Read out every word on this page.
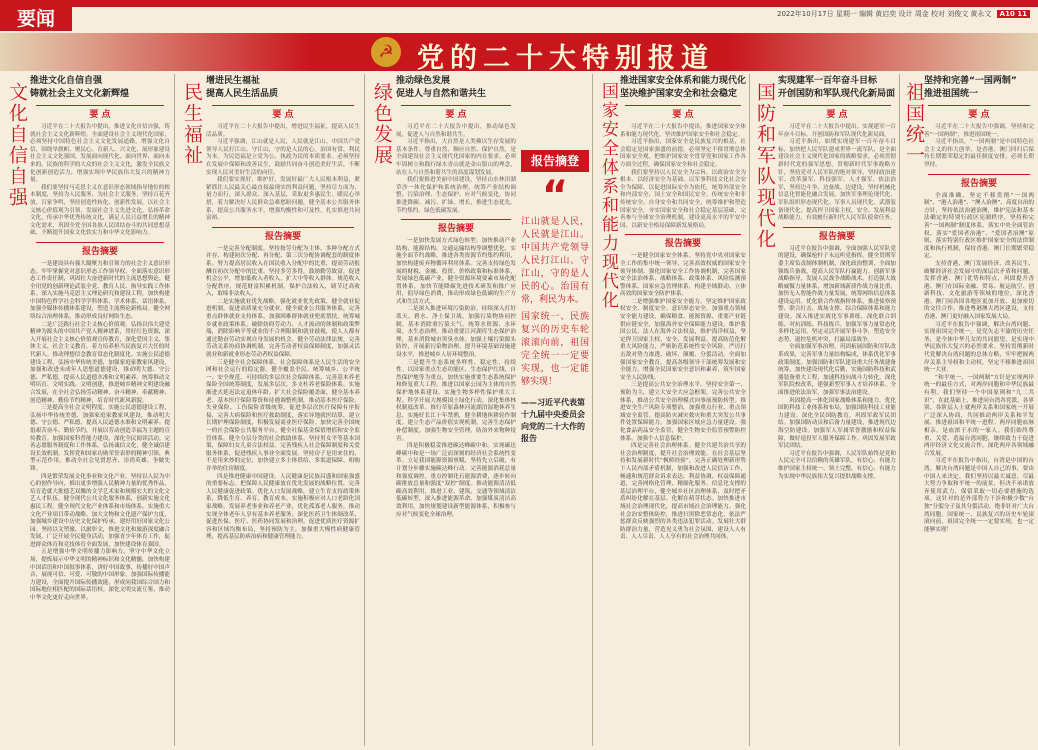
要闻	2022年10月17日 星期一 编辑 黄启奕 设计 周金 校对 刘俊文 黄永文 A10 11
☭ 党的二十大特别报道
文化自信自强
推进文化自信自强
铸就社会主义文化新辉煌
要 点

习近平在二十大报告中提出，推进文化自信自强，铸就社会主义文化新辉煌。全面建设社会主义现代化国家，必须坚持中国特色社会主义文化发展道路，增强文化自信，围绕举旗帜、聚民心、育新人、兴文化、展形象建设社会主义文化强国，发展面向现代化、面向世界、面向未来的，民族的科学的大众的社会主义文化，激发全民族文化创新创造活力，增强实现中华民族伟大复兴的精神力量。

我们要坚持马克思主义在意识形态领域指导地位的根本制度，坚持为人民服务、为社会主义服务，坚持百花齐放、百家争鸣，坚持创造性转化、创新性发展，以社会主义核心价值观为引领，发展社会主义先进文化，弘扬革命文化，传承中华优秀传统文化，满足人民日益增长的精神文化需求，巩固全党全国各族人民团结奋斗的共同思想基础，不断提升国家文化软实力和中华文化影响力。

报告摘要

一是建设具有强大凝聚力和引领力的社会主义意识形态。牢牢掌握党对意识形态工作领导权，全面落实意识形态工作责任制，巩固壮大奋进新时代的主流思想舆论。健全用党的创新理论武装全党、教育人民、指导实践工作体系。深入实施马克思主义理论研究和建设工程，加快构建中国特色哲学社会科学学科体系、学术体系、话语体系。加强全媒体传播体系建设，塑造主流舆论新格局。健全网络综合治理体系，推动形成良好网络生态。

二是广泛践行社会主义核心价值观。弘扬以伟大建党精神为源头的中国共产党人精神谱系，用好红色资源，深入开展社会主义核心价值观宣传教育，深化爱国主义、集体主义、社会主义教育，着力培养担当民族复兴大任的时代新人。推动理想信念教育常态化制度化。实施公民道德建设工程，弘扬中华传统美德，加强家庭家教家风建设，加强和改进未成年人思想道德建设，推动明大德、守公德、严私德，提高人民道德水准和文明素养。统筹推动文明培育、文明实践、文明创建，推进城乡精神文明建设融合发展，在全社会弘扬劳动精神、奋斗精神、奉献精神、创造精神、勤俭节约精神，培育时代新风新貌。

三是提高全社会文明程度。实施公民道德建设工程，弘扬中华传统美德，加强家庭家教家风建设，推动明大德、守公德、严私德，提高人民道德水准和文明素养。提倡艰苦奋斗、勤俭节约，开展以劳动创造幸福为主题的宣传教育。加强国家科普能力建设，深化全民阅读活动。完善志愿服务制度和工作体系。弘扬诚信文化，健全诚信建设长效机制。发挥党和国家功勋荣誉表彰的精神引领、典型示范作用，推动全社会见贤思齐、崇尚英雄、争做先锋。

四是繁荣发展文化事业和文化产业。坚持以人民为中心的创作导向，推出更多增强人民精神力量的优秀作品，培育造就大批德艺双馨的文学艺术家和规模宏大的文化文艺人才队伍。健全现代公共文化服务体系，创新实施文化惠民工程。健全现代文化产业体系和市场体系，实施重大文化产业项目带动战略。加大文物和文化遗产保护力度，加强城乡建设中历史文化保护传承，建好用好国家文化公园。坚持以文塑旅、以旅彰文，推进文化和旅游深度融合发展。广泛开展全民健身活动，加强青少年体育工作，促进群众体育和竞技体育全面发展，加快建设体育强国。

五是增强中华文明传播力影响力。坚守中华文化立场，提炼展示中华文明的精神标识和文化精髓，加快构建中国话语和中国叙事体系，讲好中国故事、传播好中国声音，展现可信、可爱、可敬的中国形象。加强国际传播能力建设，全面提升国际传播效能，形成同我国综合国力和国际地位相匹配的国际话语权。深化文明交流互鉴，推动中华文化更好走向世界。

民生福祉
增进民生福祉
提高人民生活品质
要 点

习近平在二十大报告中提出，增进民生福祉，提高人民生活品质。

习近平强调，江山就是人民，人民就是江山。中国共产党领导人民打江山、守江山，守的是人民的心。治国有常，利民为本。为民造福是立党为公、执政为民的本质要求。必须坚持在发展中保障和改善民生，鼓励共同奋斗创造美好生活，不断实现人民对美好生活的向往。

我们要实现好、维护好、发展好最广大人民根本利益，紧紧抓住人民最关心最直接最现实的利益问题，坚持尽力而为、量力而行，深入群众、深入基层，采取更多惠民生、暖民心举措，着力解决好人民群众急难愁盼问题，健全基本公共服务体系，提高公共服务水平，增强均衡性和可及性，扎实推进共同富裕。

报告摘要

一是完善分配制度。坚持按劳分配为主体、多种分配方式并存，构建初次分配、再分配、第三次分配协调配套的制度体系。努力提高居民收入在国民收入分配中的比重，提高劳动报酬在初次分配中的比重。坚持多劳多得，鼓励勤劳致富，促进机会公平，增加低收入者收入，扩大中等收入群体。规范收入分配秩序，规范财富积累机制，保护合法收入，调节过高收入，取缔非法收入。

二是实施就业优先战略。强化就业优先政策，健全就业促进机制，促进高质量充分就业。健全就业公共服务体系，完善重点群体就业支持体系，加强困难群体就业兜底帮扶。统筹城乡就业政策体系，破除妨碍劳动力、人才流动的体制和政策弊端，消除影响平等就业的不合理限制和就业歧视，使人人都有通过勤奋劳动实现自身发展的机会。健全劳动法律法规，完善劳动关系协商协调机制，完善劳动者权益保障制度，加强灵活就业和新就业形态劳动者权益保障。

三是健全社会保障体系。社会保障体系是人民生活的安全网和社会运行的稳定器。健全覆盖全民、统筹城乡、公平统一、安全规范、可持续的多层次社会保障体系。完善基本养老保险全国统筹制度，发展多层次、多支柱养老保险体系。实施渐进式延迟法定退休年龄。扩大社会保险覆盖面，健全基本养老、基本医疗保险筹资和待遇调整机制，推动基本医疗保险、失业保险、工伤保险省级统筹。促进多层次医疗保障有序衔接，完善大病保险和医疗救助制度，落实异地就医结算，建立长期护理保险制度，积极发展商业医疗保险。加快完善全国统一的社会保险公共服务平台。健全社保基金保值增值和安全监管体系。健全分层分类的社会救助体系。坚持男女平等基本国策，保障妇女儿童合法权益。完善残疾人社会保障制度和关爱服务体系，促进残疾人事业全面发展。坚持房子是用来住的、不是用来炒的定位，加快建立多主体供给、多渠道保障、租购并举的住房制度。

四是推进健康中国建设。人民健康是民族昌盛和国家强盛的重要标志。把保障人民健康放在优先发展的战略位置，完善人民健康促进政策。优化人口发展战略，建立生育支持政策体系，降低生育、养育、教育成本。实施积极应对人口老龄化国家战略，发展养老事业和养老产业，优化孤寡老人服务，推动实现全体老年人享有基本养老服务。深化医药卫生体制改革，促进医保、医疗、医药协同发展和治理。促进优质医疗资源扩容和区域均衡布局，坚持预防为主，加强重大慢性病健康管理，提高基层防病治病和健康管理能力。

绿色发展
推动绿色发展
促进人与自然和谐共生
要 点

习近平在二十大报告中提出，推动绿色发展，促进人与自然和谐共生。

习近平指出，大自然是人类赖以生存发展的基本条件。尊重自然、顺应自然、保护自然，是全面建设社会主义现代化国家的内在要求。必须牢固树立和践行绿水青山就是金山银山的理念，站在人与自然和谐共生的高度谋划发展。

我们要推进美丽中国建设，坚持山水林田湖草沙一体化保护和系统治理，统筹产业结构调整、污染治理、生态保护、应对气候变化，协同推进降碳、减污、扩绿、增长，推进生态优先、节约集约、绿色低碳发展。

报告摘要

一是加快发展方式绿色转型。加快推动产业结构、能源结构、交通运输结构等调整优化。实施全面节约战略，推进各类资源节约集约利用，加快构建废弃物循环利用体系。完善支持绿色发展的财税、金融、投资、价格政策和标准体系，发展绿色低碳产业，健全资源环境要素市场化配置体系，加快节能降碳先进技术研发和推广应用，倡导绿色消费，推动形成绿色低碳的生产方式和生活方式。

二是深入推进环境污染防治。持续深入打好蓝天、碧水、净土保卫战。加强污染物协同控制，基本消除重污染天气。统筹水资源、水环境、水生态治理，推动重要江河湖库生态保护治理，基本消除城市黑臭水体。加强土壤污染源头防控，开展新污染物治理。提升环境基础设施建设水平，推进城乡人居环境整治。

三是提升生态系统多样性、稳定性、持续性。以国家重点生态功能区、生态保护红线、自然保护地等为重点，加快实施重要生态系统保护和修复重大工程。推进以国家公园为主体的自然保护地体系建设。实施生物多样性保护重大工程。科学开展大规模国土绿化行动。深化集体林权制度改革。推行草原森林河流湖泊湿地休养生息，实施好长江十年禁渔，健全耕地休耕轮作制度。建立生态产品价值实现机制，完善生态保护补偿制度。加强生物安全管理，防治外来物种侵害。

四是积极稳妥推进碳达峰碳中和。实现碳达峰碳中和是一场广泛而深刻的经济社会系统性变革。立足我国能源资源禀赋，坚持先立后破，有计划分步骤实施碳达峰行动。完善能源消耗总量和强度调控，重点控制化石能源消费，逐步转向碳排放总量和强度“双控”制度。推动能源清洁低碳高效利用，推进工业、建筑、交通等领域清洁低碳转型。深入推进能源革命，加强煤炭清洁高效利用，加快规划建设新型能源体系，积极参与应对气候变化全球治理。

报告摘登
“

江山就是人民，人民就是江山。中国共产党领导人民打江山、守江山，守的是人民的心。治国有常，利民为本。

国家统一、民族复兴的历史车轮滚滚向前，祖国完全统一一定要实现，也一定能够实现！

——习近平代表第十九届中央委员会向党的二十大作的报告

国家安全体系和能力现代化
推进国家安全体系和能力现代化
坚决维护国家安全和社会稳定
要 点

习近平在二十大报告中提出，推进国家安全体系和能力现代化，坚决维护国家安全和社会稳定。

习近平指出，国家安全是民族复兴的根基，社会稳定是国家强盛的前提。必须坚定不移贯彻总体国家安全观，把维护国家安全贯穿党和国家工作各方面全过程，确保国家安全和社会稳定。

我们要坚持以人民安全为宗旨、以政治安全为根本、以经济安全为基础、以军事科技文化社会安全为保障、以促进国际安全为依托，统筹外部安全和内部安全、国土安全和国民安全、传统安全和非传统安全、自身安全和共同安全，统筹维护和塑造国家安全，夯实国家安全和社会稳定基层基础，完善参与全球安全治理机制，建设更高水平的平安中国，以新安全格局保障新发展格局。

报告摘要

一是健全国家安全体系。坚持党中央对国家安全工作的集中统一领导，完善高效权威的国家安全领导体制。强化国家安全工作协调机制，完善国家安全法治体系、战略体系、政策体系、风险监测预警体系、国家应急管理体系，构建全域联动、立体高效的国家安全防护体系。

二是增强维护国家安全能力。坚定维护国家政权安全、制度安全、意识形态安全，加强重点领域安全能力建设，确保粮食、能源资源、重要产业链供应链安全，加强海外安全保障能力建设，维护我国公民、法人在海外合法权益，维护海洋权益，坚定捍卫国家主权、安全、发展利益。提高防范化解重大风险能力，严密防范系统性安全风险，严厉打击敌对势力渗透、破坏、颠覆、分裂活动。全面加强国家安全教育，提高各级领导干部统筹发展和安全能力，增强全民国家安全意识和素养，筑牢国家安全人民防线。

三是提高公共安全治理水平。坚持安全第一、预防为主，建立大安全大应急框架，完善公共安全体系，推动公共安全治理模式向事前预防转型。推进安全生产风险专项整治，加强重点行业、重点领域安全监管。提高防灾减灾救灾和重大突发公共事件处置保障能力，加强国家区域应急力量建设。强化食品药品安全监管，健全生物安全监管预警防控体系。加强个人信息保护。

四是完善社会治理体系。健全共建共治共享的社会治理制度，提升社会治理效能。在社会基层坚持和发展新时代“枫桥经验”，完善正确处理新形势下人民内部矛盾机制，加强和改进人民信访工作，畅通和规范群众诉求表达、利益协调、权益保障通道，完善网格化管理、精细化服务、信息化支撑的基层治理平台，健全城乡社区治理体系，及时把矛盾纠纷化解在基层、化解在萌芽状态。加快推进市域社会治理现代化，提高市域社会治理能力。强化社会治安整体防控，推进扫黑除恶常态化，依法严惩群众反映强烈的各类违法犯罪活动。发展壮大群防群治力量，营造见义勇为社会氛围，建设人人有责、人人尽责、人人享有的社会治理共同体。

国防和军队现代化
实现建军一百年奋斗目标
开创国防和军队现代化新局面
要 点

习近平在二十大报告中提出，实现建军一百年奋斗目标，开创国防和军队现代化新局面。

习近平指出，如期实现建军一百年奋斗目标，加快把人民军队建成世界一流军队，是全面建设社会主义现代化国家的战略要求。必须贯彻新时代党的强军思想，贯彻新时代军事战略方针，坚持党对人民军队的绝对领导，坚持政治建军、改革强军、科技强军、人才强军、依法治军，坚持边斗争、边备战、边建设，坚持机械化信息化智能化融合发展，加快军事理论现代化、军队组织形态现代化、军事人员现代化、武器装备现代化，提高捍卫国家主权、安全、发展利益战略能力，有效履行新时代人民军队使命任务。

报告摘要

习近平在报告中强调，全面加强人民军队党的建设，确保枪杆子永远听党指挥。健全贯彻军委主席负责制体制机制，深化政治整训，全面加强练兵备战，提高人民军队打赢能力。创新军事战略指导，发展人民战争战略战术。打造强大战略威慑力量体系，增加新域新质作战力量比重，加快无人智能作战力量发展，统筹网络信息体系建设运用。优化联合作战指挥体系，推进侦察预警、联合打击、战场支撑、综合保障体系和能力建设。深入推进实战化军事训练，深化联合训练、对抗训练、科技练兵。加强军事力量常态化多样化运用，坚定灵活开展军事斗争，塑造安全态势，遏控危机冲突，打赢局部战争。

全面加强军事治理，巩固拓展国防和军队改革成果，完善军事力量结构编成，体系优化军事政策制度。加强国防和军队建设重大任务战建备统筹，加快建设现代化后勤，实施国防科技和武器装备重大工程，加速科技向战斗力转化。深化军队院校改革，建强新型军事人才培养体系。全面推进依法治军，加强军事法治建设。

巩固提高一体化国家战略体系和能力。优化国防科技工业体系和布局，加强国防科技工业能力建设。深化全民国防教育，巩固军政军民团结。加强国防动员和后备力量建设，推进现代边海空防建设。加强军人军属荣誉激励和权益保障，做好退役军人服务保障工作。巩固发展军政军民团结。

习近平在报告中强调，人民军队始终是党和人民完全可以信赖的英雄军队，有信心、有能力维护国家主权统一、领土完整，有信心、有能力为实现中华民族伟大复兴提供战略支撑。

祖国统一
坚持和完善“一国两制”
推进祖国统一
要 点

习近平在二十大报告中强调，坚持和完善“一国两制”，推进祖国统一。

习近平指出，“一国两制”是中国特色社会主义的伟大创举，是香港、澳门回归后保持长期繁荣稳定的最佳制度安排，必须长期坚持。

报告摘要

全面准确、坚定不移贯彻“一国两制”、“港人治港”、“澳人治澳”、高度自治的方针，坚持依法治港治澳，维护宪法和基本法确定的特别行政区宪制秩序，坚持和完善“一国两制”制度体系，落实中央全面管治权，落实“爱国者治港”、“爱国者治澳”原则，落实特别行政区维护国家安全的法律制度和执行机制，保持香港、澳门长期繁荣稳定。

支持香港、澳门发展经济、改善民生、破解经济社会发展中的深层次矛盾和问题。发挥香港、澳门优势和特点，巩固提升香港、澳门在国际金融、贸易、航运航空、创新科技、文化旅游等领域的地位，深化香港、澳门同各国各地区更加开放、更加密切的交往合作。推进粤港澳大湾区建设，支持香港、澳门更好融入国家发展大局。

习近平在报告中强调，解决台湾问题、实现祖国完全统一，是党矢志不渝的历史任务，是全体中华儿女的共同愿望，是实现中华民族伟大复兴的必然要求。坚持贯彻新时代党解决台湾问题的总体方略，牢牢把握两岸关系主导权和主动权，坚定不移推进祖国统一大业。

“和平统一、一国两制”方针是实现两岸统一的最佳方式，对两岸同胞和中华民族最有利。我们坚持一个中国原则和“九二共识”，在此基础上，推进同台湾各党派、各界别、各阶层人士就两岸关系和国家统一开展广泛深入协商，共同推动两岸关系和平发展、推进祖国和平统一进程。两岸同胞血脉相亲，是血浓于水的一家人。我们始终尊重、关爱、造福台湾同胞，继续致力于促进两岸经济文化交流合作，深化两岸各领域融合发展。

习近平在报告中指出，台湾是中国的台湾。解决台湾问题是中国人自己的事，要由中国人来决定。我们坚持以最大诚意、尽最大努力争取和平统一的前景，但决不承诺放弃使用武力，保留采取一切必要措施的选项，这针对的是外部势力干涉和极少数“台独”分裂分子及其分裂活动，绝非针对广大台湾同胞。国家统一、民族复兴的历史车轮滚滚向前，祖国完全统一一定要实现，也一定能够实现！
